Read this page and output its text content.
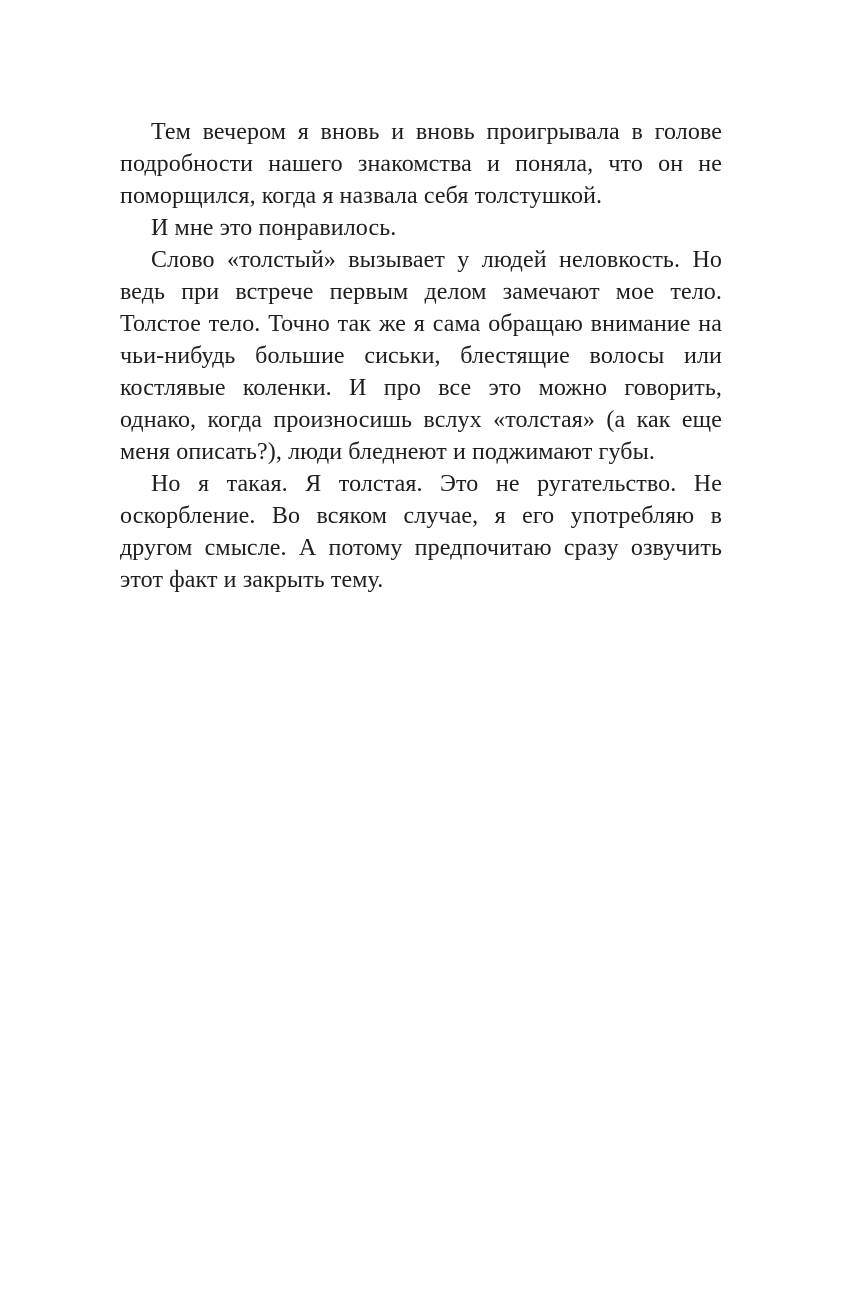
Тем вечером я вновь и вновь проигрывала в голове подробности нашего знакомства и поняла, что он не поморщился, когда я назвала себя толстушкой.

И мне это понравилось.

Слово «толстый» вызывает у людей неловкость. Но ведь при встрече первым делом замечают мое тело. Толстое тело. Точно так же я сама обращаю внимание на чьи-нибудь большие сиськи, блестящие волосы или костлявые коленки. И про все это можно говорить, однако, когда произносишь вслух «толстая» (а как еще меня описать?), люди бледнеют и поджимают губы.

Но я такая. Я толстая. Это не ругательство. Не оскорбление. Во всяком случае, я его употребляю в другом смысле. А потому предпочитаю сразу озвучить этот факт и закрыть тему.
